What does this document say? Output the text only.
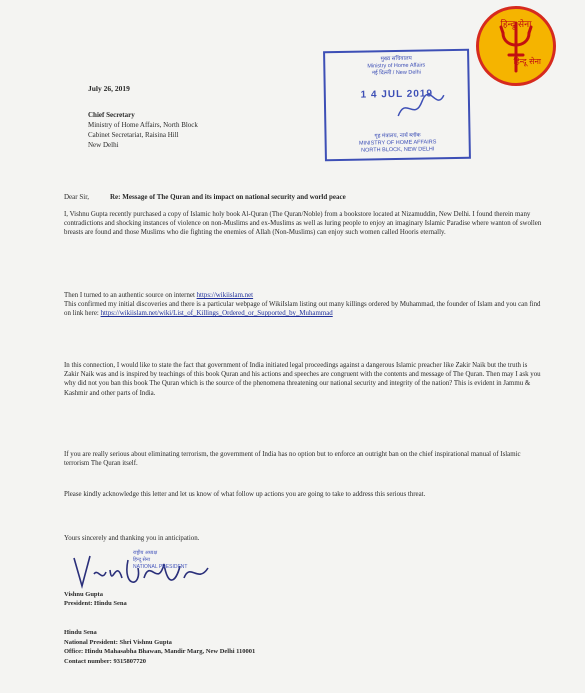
हिन्दू सेना
हिन्दू सेना
मुख्य सचिवालय
Ministry of Home Affairs
नई दिल्ली / New Delhi
1 4 JUL 2019
गृह मंत्रालय, नार्थ ब्लॉक
MINISTRY OF HOME AFFAIRS
NORTH BLOCK, NEW DELHI
July 26, 2019
Chief Secretary
Ministry of Home Affairs, North Block
Cabinet Secretariat, Raisina Hill
New Delhi
Dear Sir,	Re: Message of The Quran and its impact on national security and world peace
I, Vishnu Gupta recently purchased a copy of Islamic holy book Al-Quran (The Quran/Noble) from a bookstore located at Nizamuddin, New Delhi. I found therein many contradictions and shocking instances of violence on non-Muslims and ex-Muslims as well as luring people to enjoy an imaginary Islamic Paradise where wanton of swollen breasts are found and those Muslims who die fighting the enemies of Allah (Non-Muslims) can enjoy such women called Hooris eternally.
Then I turned to an authentic source on internet https://wikiislam.net
This confirmed my initial discoveries and there is a particular webpage of WikiIslam listing out many killings ordered by Muhammad, the founder of Islam and you can find on link here: https://wikiislam.net/wiki/List_of_Killings_Ordered_or_Supported_by_Muhammad
In this connection, I would like to state the fact that government of India initiated legal proceedings against a dangerous Islamic preacher like Zakir Naik but the truth is Zakir Naik was and is inspired by teachings of this book Quran and his actions and speeches are congruent with the contents and message of The Quran. Then may I ask you why did not you ban this book The Quran which is the source of the phenomena threatening our national security and integrity of the nation? This is evident in Jammu & Kashmir and other parts of India.
If you are really serious about eliminating terrorism, the government of India has no option but to enforce an outright ban on the chief inspirational manual of Islamic terrorism The Quran itself.
Please kindly acknowledge this letter and let us know of what follow up actions you are going to take to address this serious threat.
Yours sincerely and thanking you in anticipation.
राष्ट्रीय अध्यक्ष
हिन्दू सेना
NATIONAL PRESIDENT
Vishnu Gupta
President: Hindu Sena
Hindu Sena
National President: Shri Vishnu Gupta
Office: Hindu Mahasabha Bhawan, Mandir Marg, New Delhi 110001
Contact number: 9315807720
